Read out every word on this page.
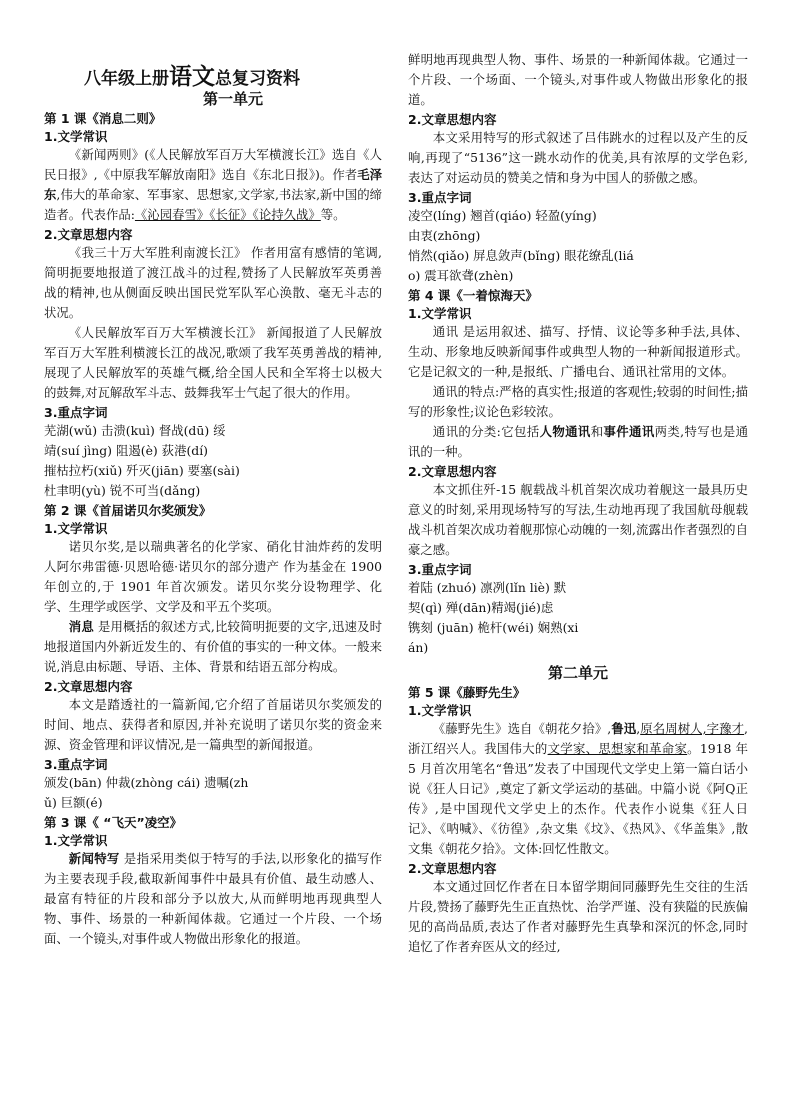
八年级上册语文总复习资料
第一单元
第 1 课《消息二则》
1.文学常识

《新闻两则》(《人民解放军百万大军横渡长江》选自《人民日报》,《中原我军解放南阳》选自《东北日报》)。作者毛泽东,伟大的革命家、军事家、思想家,文学家,书法家,新中国的缔造者。代表作品:《沁园春雪》《长征》《论持久战》等。

2.文章思想内容

《我三十万大军胜利南渡长江》 作者用富有感情的笔调,简明扼要地报道了渡江战斗的过程,赞扬了人民解放军英勇善战的精神,也从侧面反映出国民党军队军心涣散、毫无斗志的状况。

《人民解放军百万大军横渡长江》 新闻报道了人民解放军百万大军胜利横渡长江的战况,歌颂了我军英勇善战的精神,展现了人民解放军的英雄气概,给全国人民和全军将士以极大的鼓舞,对瓦解敌军斗志、鼓舞我军士气起了很大的作用。

3.重点字词
芜湖(wǔ) 击溃(kuì) 督战(dū) 绥
靖(suí jìng) 阻遏(è) 荻港(dí)
摧枯拉朽(xiǔ) 歼灭(jiān) 要塞(sài)
杜聿明(yù) 锐不可当(dǎng)
第 2 课《首届诺贝尔奖颁发》
1.文学常识

诺贝尔奖,是以瑞典著名的化学家、硝化甘油炸药的发明人阿尔弗雷德·贝恩哈德·诺贝尔的部分遗产 作为基金在 1900 年创立的,于 1901 年首次颁发。诺贝尔奖分设物理学、化学、生理学或医学、文学及和平五个奖项。

消息 是用概括的叙述方式,比较简明扼要的文字,迅速及时地报道国内外新近发生的、有价值的事实的一种文体。一般来说,消息由标题、导语、主体、背景和结语五部分构成。

2.文章思想内容

本文是踏透社的一篇新闻,它介绍了首届诺贝尔奖颁发的时间、地点、获得者和原因,并补充说明了诺贝尔奖的资金来源、资金管理和评议情况,是一篇典型的新闻报道。

3.重点字词
颁发(bān) 仲裁(zhòng cái) 遗嘱(zh
ǔ) 巨额(é)
第 3 课《 “飞天”凌空》
1.文学常识

新闻特写 是指采用类似于特写的手法,以形象化的描写作为主要表现手段,截取新闻事件中最具有价值、最生动感人、最富有特征的片段和部分予以放大,从而鲜明地再现典型人物、事件、场景的一种新闻体裁。它通过一个片段、一个场面、一个镜头,对事件或人物做出形象化的报道。

鲜明地再现典型人物、事件、场景的一种新闻体裁。它通过一个片段、一个场面、一个镜头,对事件或人物做出形象化的报道。

2.文章思想内容

本文采用特写的形式叙述了吕伟跳水的过程以及产生的反响,再现了“5136”这一跳水动作的优美,具有浓厚的文学色彩,表达了对运动员的赞美之情和身为中国人的骄傲之感。

3.重点字词
凌空(líng) 翘首(qiáo) 轻盈(yíng)
由衷(zhōng)
悄然(qiǎo) 屏息敛声(bǐng) 眼花缭乱(liá
o) 震耳欲聋(zhèn)
第 4 课《一着惊海天》
1.文学常识

通讯 是运用叙述、描写、抒情、议论等多种手法,具体、生动、形象地反映新闻事件或典型人物的一种新闻报道形式。它是记叙文的一种,是报纸、广播电台、通讯社常用的文体。

通讯的特点:严格的真实性;报道的客观性;较弱的时间性;描写的形象性;议论色彩较浓。

通讯的分类:它包括人物通讯和事件通讯两类,特写也是通讯的一种。

2.文章思想内容

本文抓住歼-15 舰载战斗机首架次成功着舰这一最具历史意义的时刻,采用现场特写的写法,生动地再现了我国航母舰载战斗机首架次成功着舰那惊心动魄的一刻,流露出作者强烈的自豪之感。

3.重点字词
着陆 (zhuó) 凛冽(lǐn liè) 默
契(qì) 殚(dān)精竭(jié)虑
镌刻 (juān) 桅杆(wéi) 娴熟(xi
án)
第二单元
第 5 课《藤野先生》
1.文学常识

《藤野先生》选自《朝花夕拾》,鲁迅,原名周树人,字豫才,浙江绍兴人。我国伟大的文学家、思想家和革命家。1918 年 5 月首次用笔名“鲁迅”发表了中国现代文学史上第一篇白话小说《狂人日记》,奠定了新文学运动的基础。中篇小说《阿Q正传》,是中国现代文学史上的杰作。代表作小说集《狂人日记》、《呐喊》、《彷徨》,杂文集《坟》、《热风》、《华盖集》,散文集《朝花夕拾》。文体:回忆性散文。

2.文章思想内容

本文通过回忆作者在日本留学期间同藤野先生交往的生活片段,赞扬了藤野先生正直热忱、治学严谨、没有狭隘的民族偏见的高尚品质,表达了作者对藤野先生真挚和深沉的怀念,同时追忆了作者弃医从文的经过,
